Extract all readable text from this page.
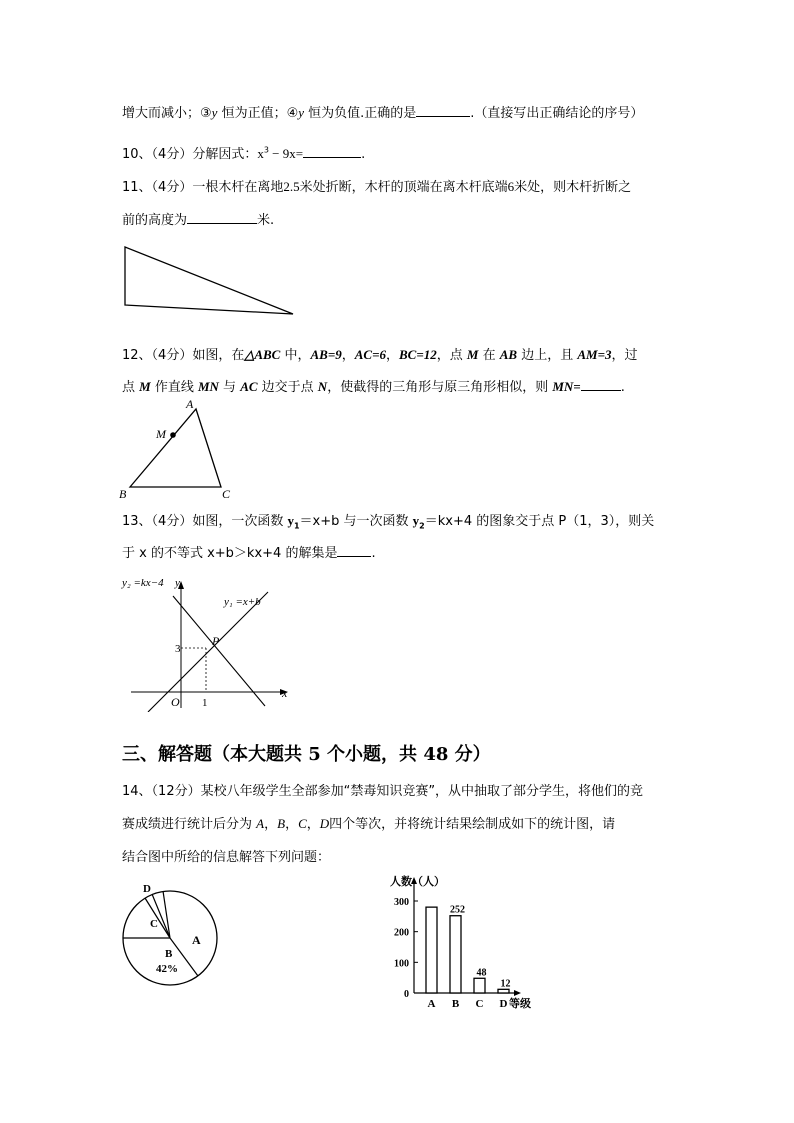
增大而减小；③y 恒为正值；④y 恒为负值.正确的是	.（直接写出正确结论的序号）
10、（4分）分解因式：$x^3 - 9x=$	.
11、（4分）一根木杆在离地2.5米处折断，木杆的顶端在离木杆底端6米处，则木杆折断之
前的高度为	米.
12、（4分）如图，在△ABC 中，AB=9，AC=6，BC=12，点 M 在 AB 边上，且 AM=3，过
点 M 作直线 MN 与 AC 边交于点 N，使截得的三角形与原三角形相似，则 MN=	.
A
M
B	C
13、（4分）如图，一次函数 $y_1=x+b$ 与一次函数 $y_2=kx+4$ 的图象交于点 P（1，3），则关
于 x 的不等式 x+b＞kx+4 的解集是	.
y₂ =kx−4 y
y₁ =x+b
P
3
O 1
x
三、解答题（本大题共 5 个小题，共 48 分）
14、（12分）某校八年级学生全部参加“禁毒知识竞赛”，从中抽取了部分学生，将他们的竞
赛成绩进行统计后分为 A，B，C，D四个等次，并将统计结果绘制成如下的统计图，请
结合图中所给的信息解答下列问题：
D
C
A
B
42%
人数（人）
0
100
200
300
A B
252
C
48
D
12
等级
